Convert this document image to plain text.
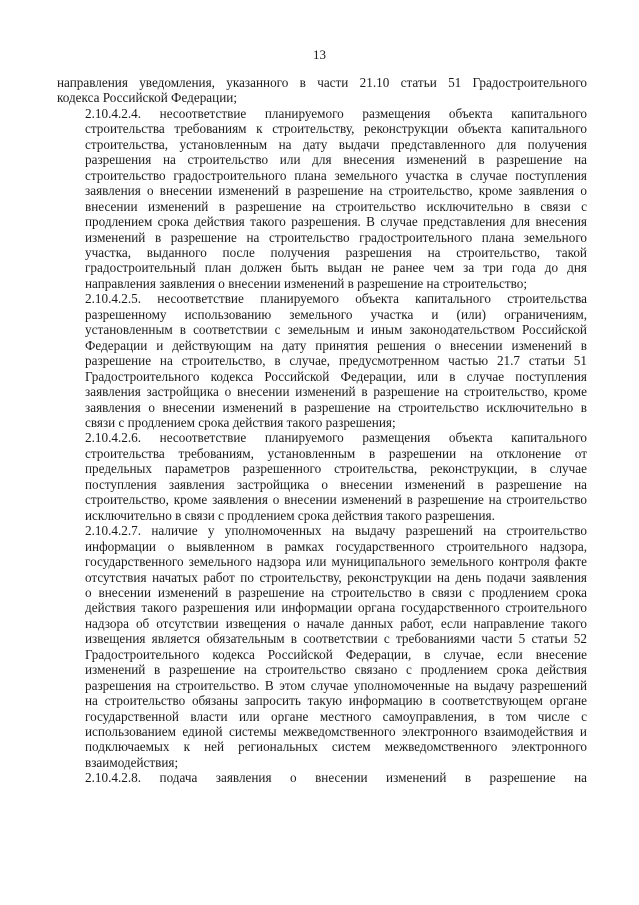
13
направления уведомления, указанного в части 21.10 статьи 51 Градостроительного
кодекса Российской Федерации;
2.10.4.2.4. несоответствие планируемого размещения объекта капитального
строительства требованиям к строительству, реконструкции объекта капитального
строительства, установленным на дату выдачи представленного для получения
разрешения на строительство или для внесения изменений в разрешение на
строительство градостроительного плана земельного участка в случае поступления
заявления о внесении изменений в разрешение на строительство, кроме заявления о
внесении изменений в разрешение на строительство исключительно в связи с
продлением срока действия такого разрешения. В случае представления для внесения
изменений в разрешение на строительство градостроительного плана земельного
участка, выданного после получения разрешения на строительство, такой
градостроительный план должен быть выдан не ранее чем за три года до дня
направления заявления о внесении изменений в разрешение на строительство;
2.10.4.2.5. несоответствие планируемого объекта капитального строительства
разрешенному использованию земельного участка и (или) ограничениям,
установленным в соответствии с земельным и иным законодательством Российской
Федерации и действующим на дату принятия решения о внесении изменений в
разрешение на строительство, в случае, предусмотренном частью 21.7 статьи 51
Градостроительного кодекса Российской Федерации, или в случае поступления
заявления застройщика о внесении изменений в разрешение на строительство, кроме
заявления о внесении изменений в разрешение на строительство исключительно в
связи с продлением срока действия такого разрешения;
2.10.4.2.6. несоответствие планируемого размещения объекта капитального
строительства требованиям, установленным в разрешении на отклонение от
предельных параметров разрешенного строительства, реконструкции, в случае
поступления заявления застройщика о внесении изменений в разрешение на
строительство, кроме заявления о внесении изменений в разрешение на строительство
исключительно в связи с продлением срока действия такого разрешения.
2.10.4.2.7. наличие у уполномоченных на выдачу разрешений на строительство
информации о выявленном в рамках государственного строительного надзора,
государственного земельного надзора или муниципального земельного контроля факте
отсутствия начатых работ по строительству, реконструкции на день подачи заявления
о внесении изменений в разрешение на строительство в связи с продлением срока
действия такого разрешения или информации органа государственного строительного
надзора об отсутствии извещения о начале данных работ, если направление такого
извещения является обязательным в соответствии с требованиями части 5 статьи 52
Градостроительного кодекса Российской Федерации, в случае, если внесение
изменений в разрешение на строительство связано с продлением срока действия
разрешения на строительство. В этом случае уполномоченные на выдачу разрешений
на строительство обязаны запросить такую информацию в соответствующем органе
государственной власти или органе местного самоуправления, в том числе с
использованием единой системы межведомственного электронного взаимодействия и
подключаемых к ней региональных систем межведомственного электронного
взаимодействия;
2.10.4.2.8. подача заявления о внесении изменений в разрешение на
